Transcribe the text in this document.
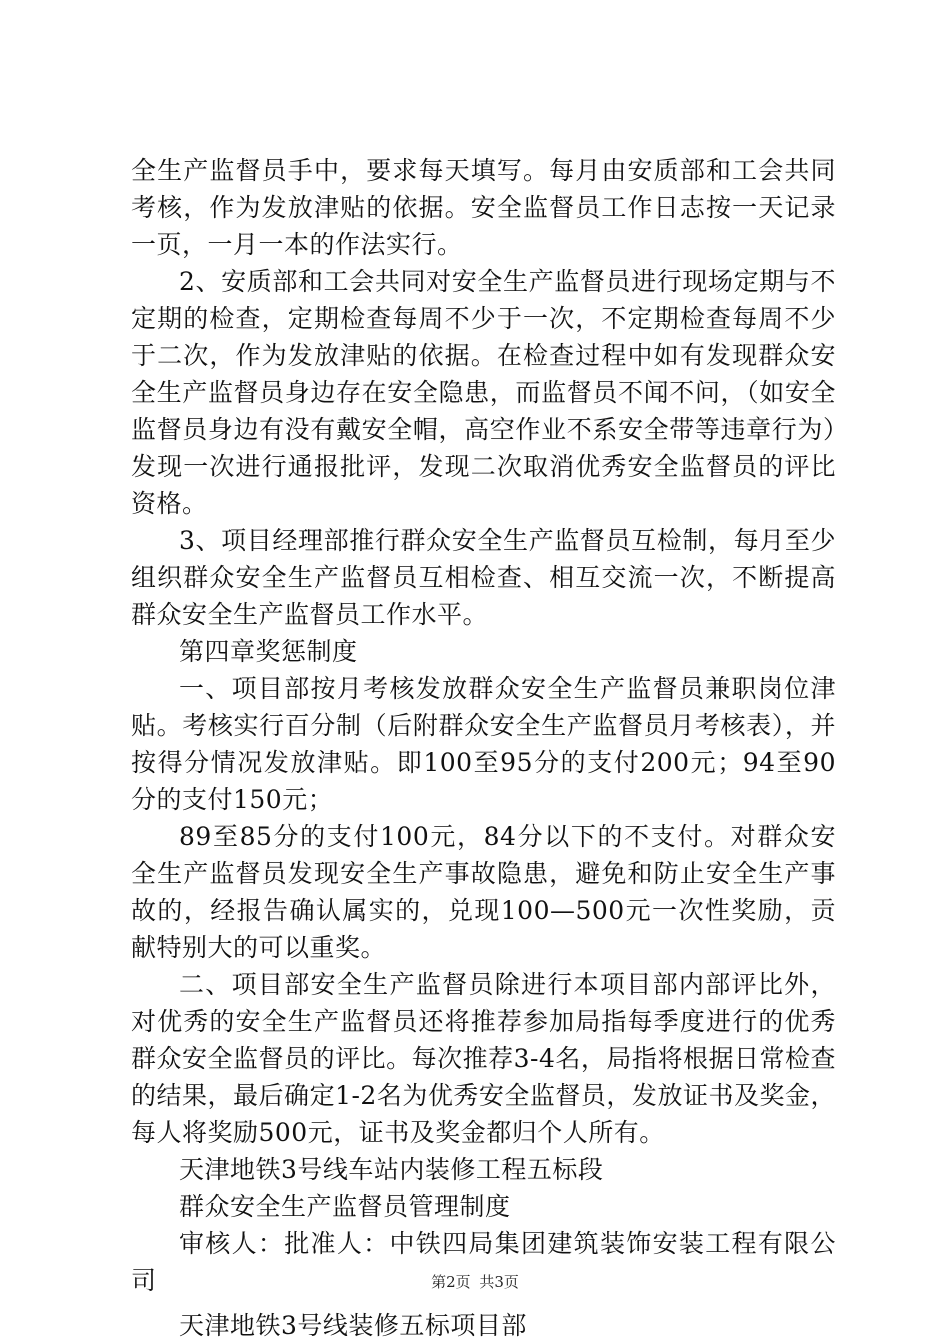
全生产监督员手中，要求每天填写。每月由安质部和工会共同考核，作为发放津贴的依据。安全监督员工作日志按一天记录一页，一月一本的作法实行。

2、安质部和工会共同对安全生产监督员进行现场定期与不定期的检查，定期检查每周不少于一次，不定期检查每周不少于二次，作为发放津贴的依据。在检查过程中如有发现群众安全生产监督员身边存在安全隐患，而监督员不闻不问，（如安全监督员身边有没有戴安全帽，高空作业不系安全带等违章行为）发现一次进行通报批评，发现二次取消优秀安全监督员的评比资格。

3、项目经理部推行群众安全生产监督员互检制，每月至少组织群众安全生产监督员互相检查、相互交流一次，不断提高群众安全生产监督员工作水平。

第四章奖惩制度

一、项目部按月考核发放群众安全生产监督员兼职岗位津贴。考核实行百分制（后附群众安全生产监督员月考核表），并按得分情况发放津贴。即100至95分的支付200元；94至90分的支付150元；

89至85分的支付100元，84分以下的不支付。对群众安全生产监督员发现安全生产事故隐患，避免和防止安全生产事故的，经报告确认属实的，兑现100—500元一次性奖励，贡献特别大的可以重奖。

二、项目部安全生产监督员除进行本项目部内部评比外，对优秀的安全生产监督员还将推荐参加局指每季度进行的优秀群众安全监督员的评比。每次推荐3-4名，局指将根据日常检查的结果，最后确定1-2名为优秀安全监督员，发放证书及奖金，每人将奖励500元，证书及奖金都归个人所有。

天津地铁3号线车站内装修工程五标段

群众安全生产监督员管理制度

审核人：批准人：中铁四局集团建筑装饰安装工程有限公司

天津地铁3号线装修五标项目部

第2页 共3页
